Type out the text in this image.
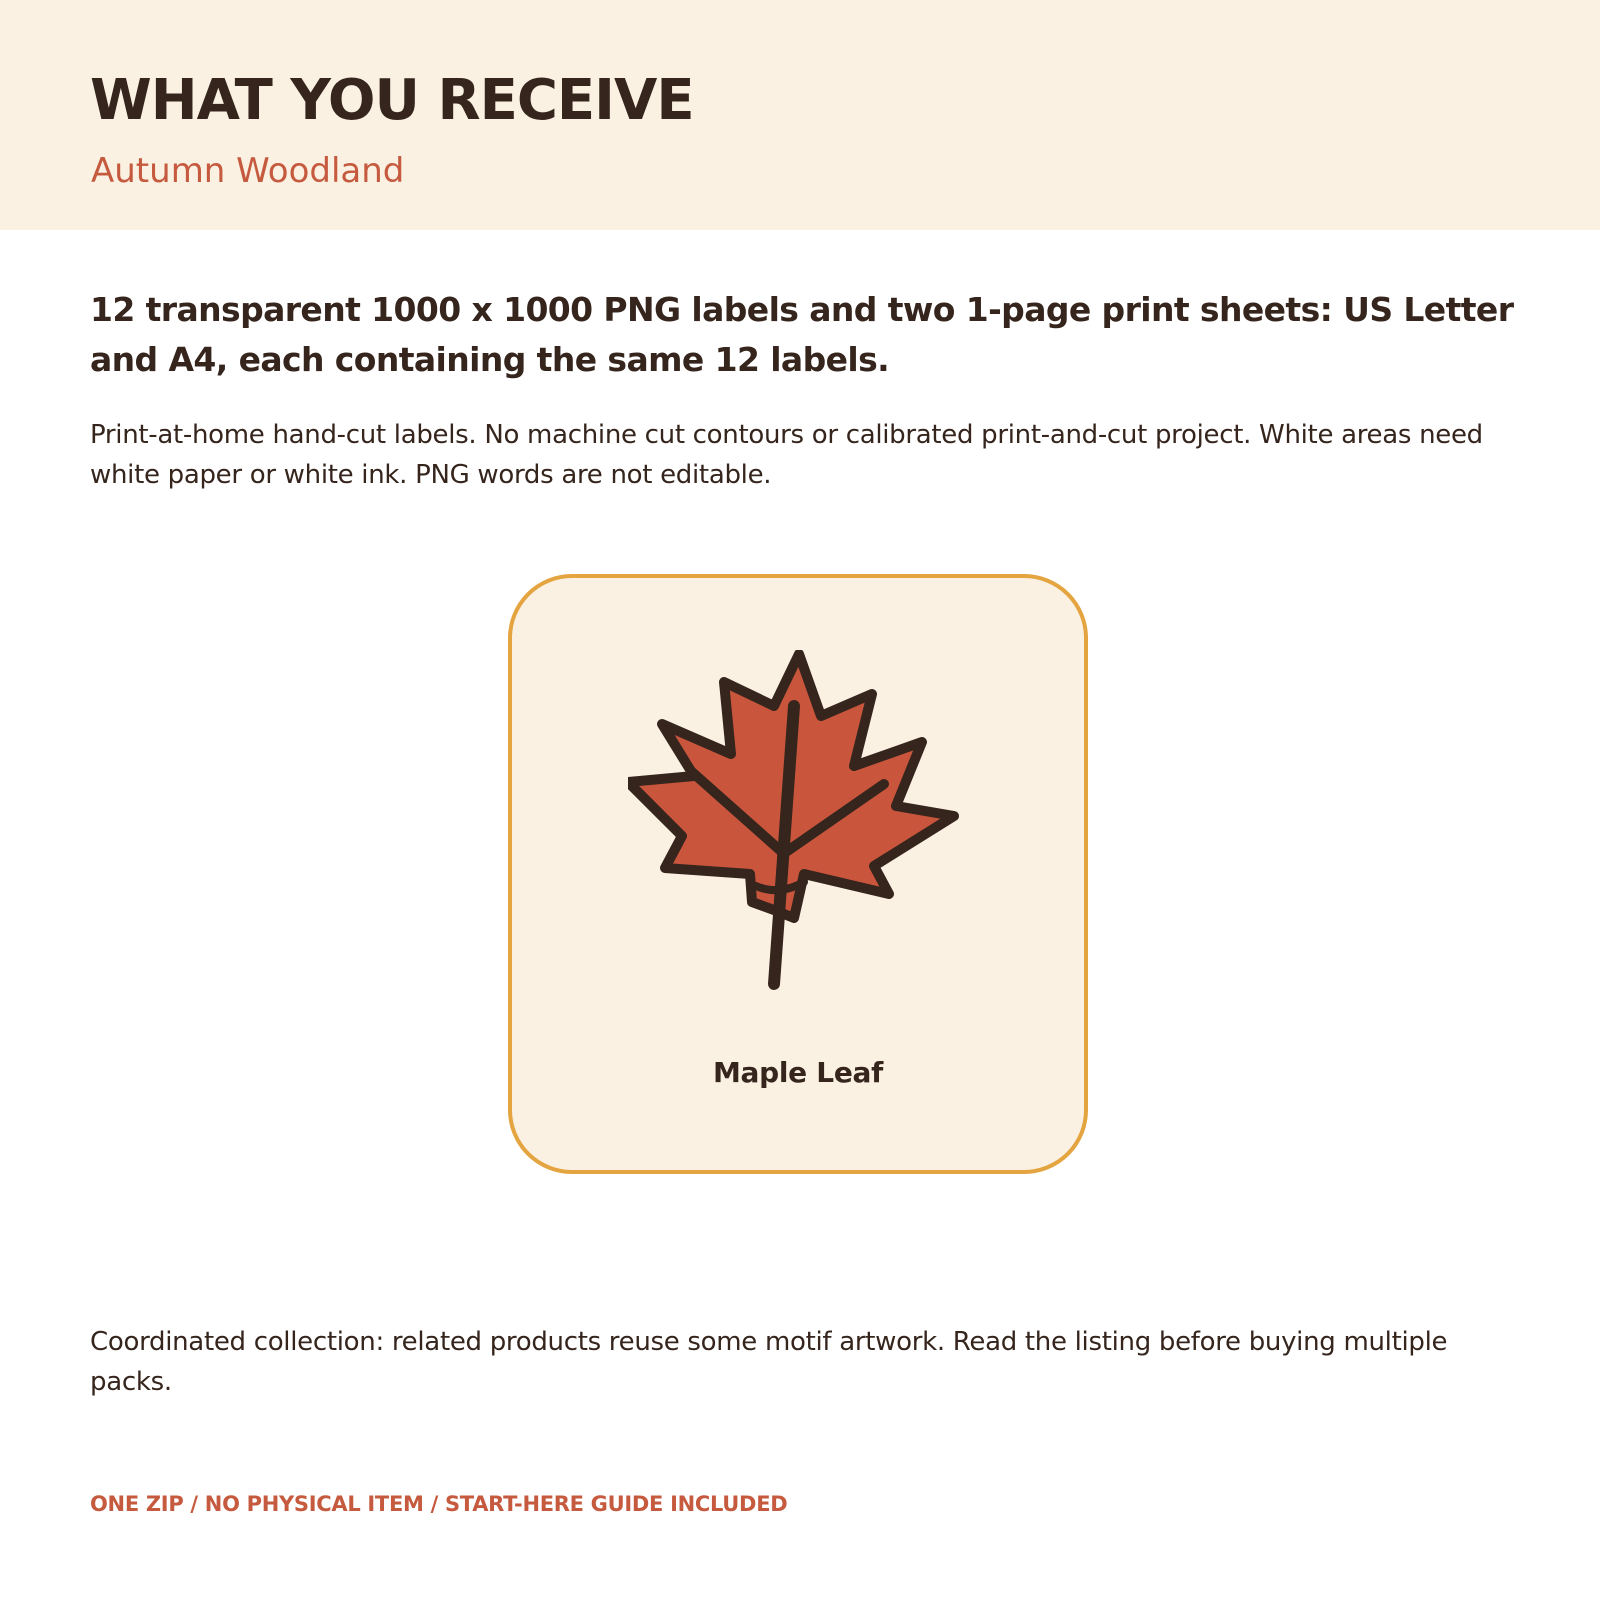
WHAT YOU RECEIVE
Autumn Woodland

12 transparent 1000 x 1000 PNG labels and two 1-page print sheets: US Letter and A4, each containing the same 12 labels.

Print-at-home hand-cut labels. No machine cut contours or calibrated print-and-cut project. White areas need white paper or white ink. PNG words are not editable.

Maple Leaf

Coordinated collection: related products reuse some motif artwork. Read the listing before buying multiple packs.

ONE ZIP / NO PHYSICAL ITEM / START-HERE GUIDE INCLUDED
